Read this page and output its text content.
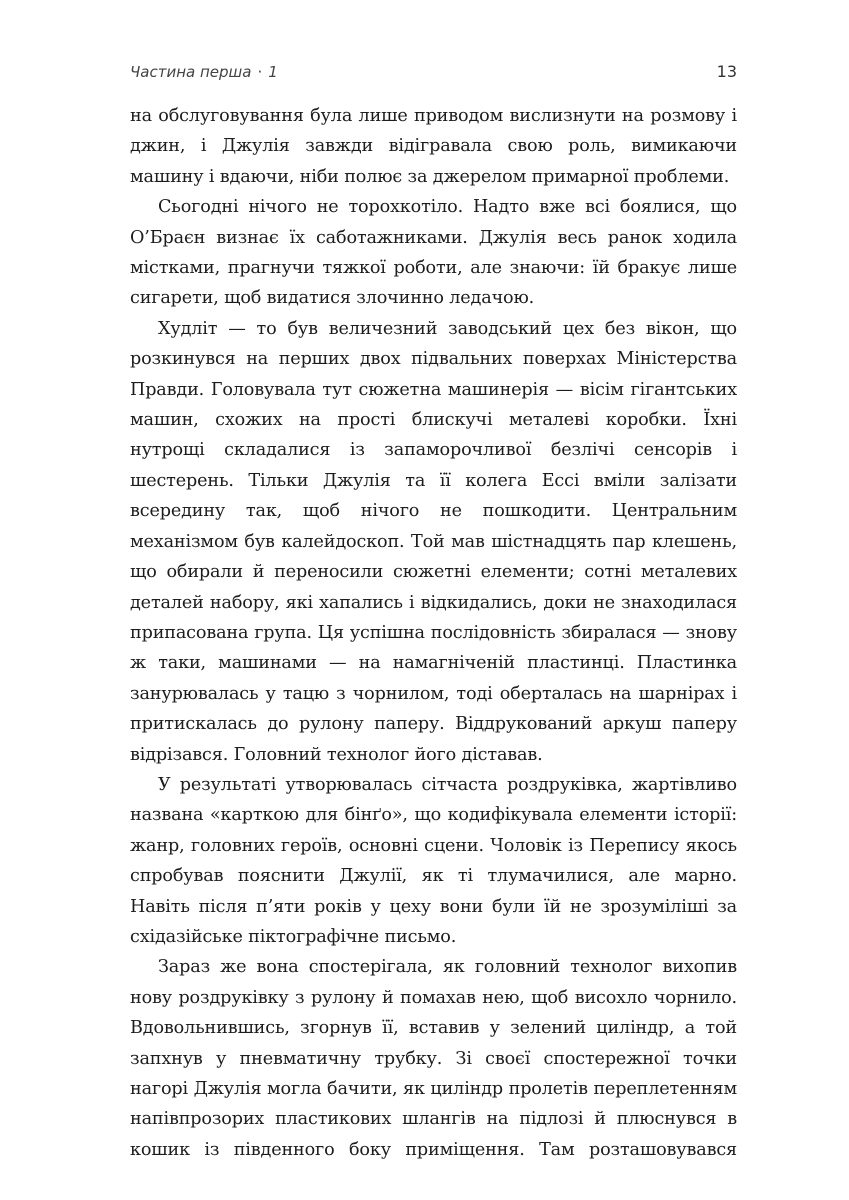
Частина перша · 1	13

на обслуговування була лише приводом вислизнути на розмову і джин, і Джулія завжди відігравала свою роль, вимикаючи машину і вдаючи, ніби полює за джерелом примарної проблеми.

Сьогодні нічого не торохкотіло. Надто вже всі боялися, що О’Браєн визнає їх саботажниками. Джулія весь ранок ходила містками, прагнучи тяжкої роботи, але знаючи: їй бракує лише сигарети, щоб видатися злочинно ледачою.

Худліт — то був величезний заводський цех без вікон, що розкинувся на перших двох підвальних поверхах Міністерства Правди. Головувала тут сюжетна машинерія — вісім гігантських машин, схожих на прості блискучі металеві коробки. Їхні нутрощі складалися із запаморочливої безлічі сенсорів і шестерень. Тільки Джулія та її колега Ессі вміли залізати всередину так, щоб нічого не пошкодити. Центральним механізмом був калейдоскоп. Той мав шістнадцять пар клешень, що обирали й переносили сюжетні елементи; сотні металевих деталей набору, які хапались і відкидались, доки не знаходилася припасована група. Ця успішна послідовність збиралася — знову ж таки, машинами — на намагніченій пластинці. Пластинка занурювалась у тацю з чорнилом, тоді оберталась на шарнірах і притискалась до рулону паперу. Віддрукований аркуш паперу відрізався. Головний технолог його діставав.

У результаті утворювалась сітчаста роздруківка, жартівливо названа «карткою для бінґо», що кодифікувала елементи історії: жанр, головних героїв, основні сцени. Чоловік із Перепису якось спробував пояснити Джулії, як ті тлумачилися, але марно. Навіть після п’яти років у цеху вони були їй не зрозуміліші за східазійське піктографічне письмо.

Зараз же вона спостерігала, як головний технолог вихопив нову роздруківку з рулону й помахав нею, щоб висохло чорнило. Вдовольнившись, згорнув її, вставив у зелений циліндр, а той запхнув у пневматичну трубку. Зі своєї спостережної точки нагорі Джулія могла бачити, як циліндр пролетів переплетенням напівпрозорих пластикових шлангів на підлозі й плюснувся в кошик із південного боку приміщення. Там розташовувався
